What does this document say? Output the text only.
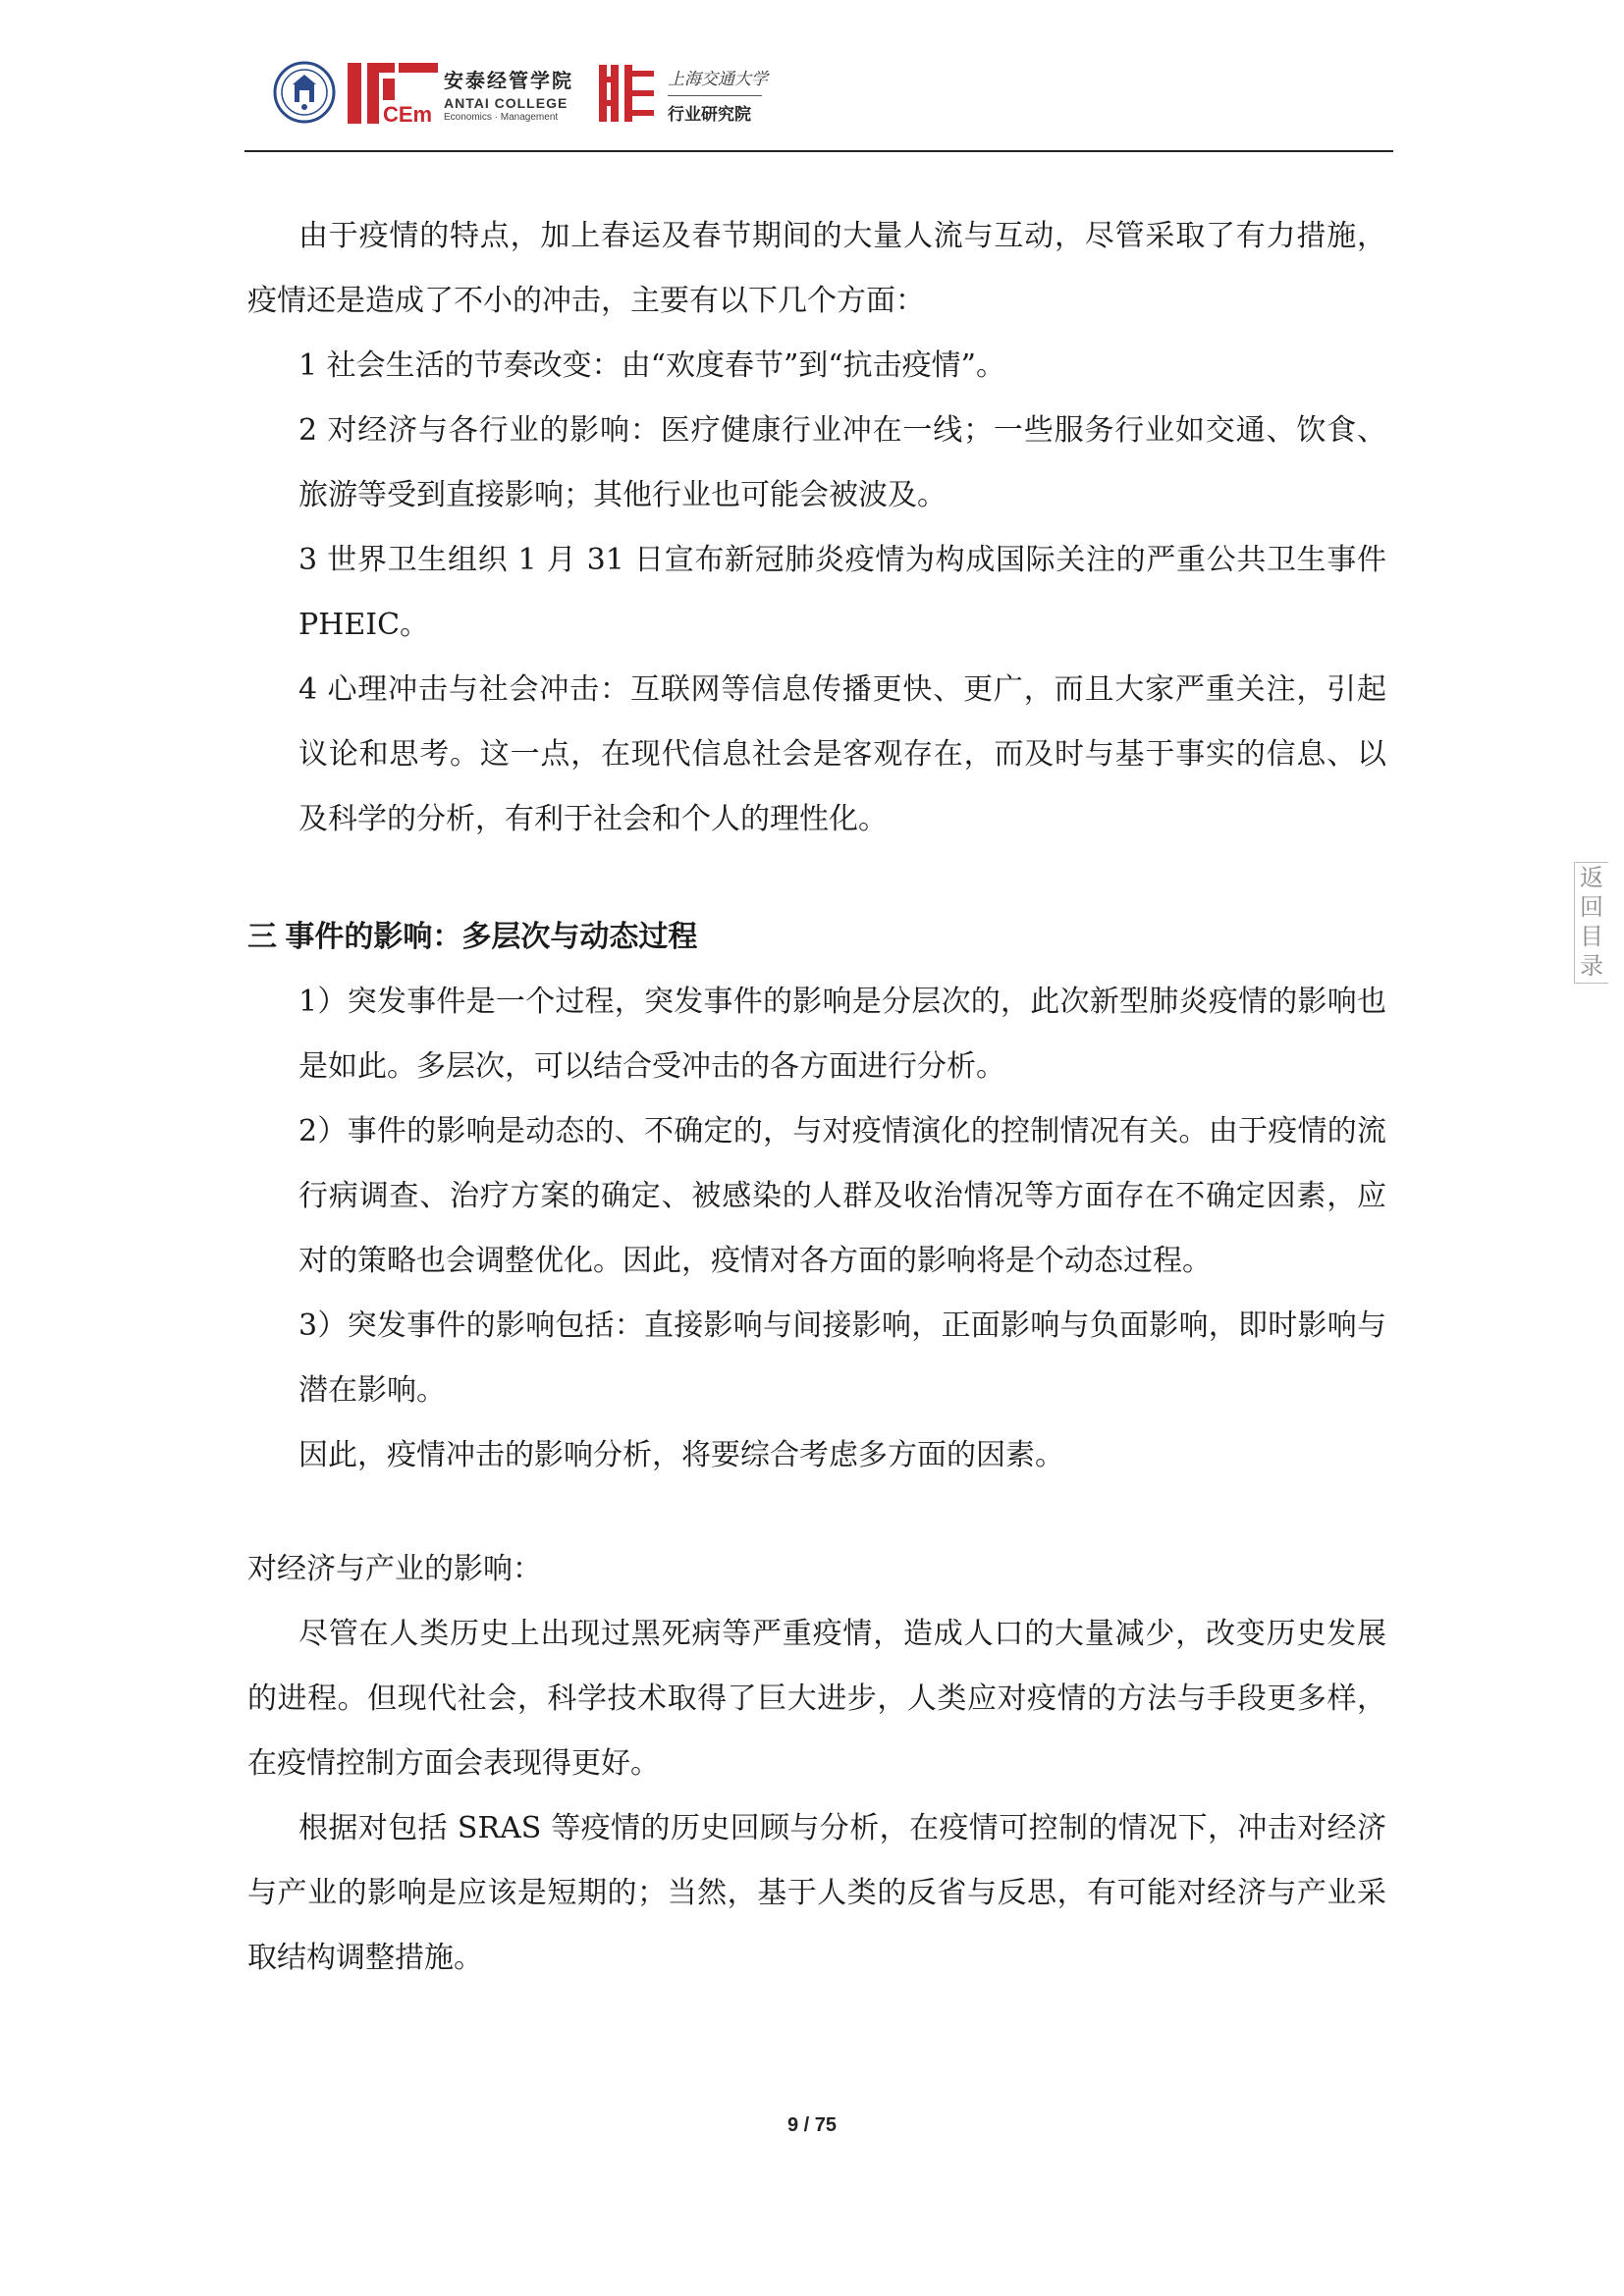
CEm
安泰经管学院
ANTAI COLLEGE
Economics · Management
上海交通大学
行业研究院

由于疫情的特点，加上春运及春节期间的大量人流与互动，尽管采取了有力措施，疫情还是造成了不小的冲击，主要有以下几个方面：

1 社会生活的节奏改变：由“欢度春节”到“抗击疫情”。

2 对经济与各行业的影响：医疗健康行业冲在一线；一些服务行业如交通、饮食、旅游等受到直接影响；其他行业也可能会被波及。

3 世界卫生组织 1 月 31 日宣布新冠肺炎疫情为构成国际关注的严重公共卫生事件 PHEIC。

4 心理冲击与社会冲击：互联网等信息传播更快、更广，而且大家严重关注，引起议论和思考。这一点，在现代信息社会是客观存在，而及时与基于事实的信息、以及科学的分析，有利于社会和个人的理性化。

三 事件的影响：多层次与动态过程

1）突发事件是一个过程，突发事件的影响是分层次的，此次新型肺炎疫情的影响也是如此。多层次，可以结合受冲击的各方面进行分析。

2）事件的影响是动态的、不确定的，与对疫情演化的控制情况有关。由于疫情的流行病调查、治疗方案的确定、被感染的人群及收治情况等方面存在不确定因素，应对的策略也会调整优化。因此，疫情对各方面的影响将是个动态过程。

3）突发事件的影响包括：直接影响与间接影响，正面影响与负面影响，即时影响与潜在影响。

因此，疫情冲击的影响分析，将要综合考虑多方面的因素。

对经济与产业的影响：

尽管在人类历史上出现过黑死病等严重疫情，造成人口的大量减少，改变历史发展的进程。但现代社会，科学技术取得了巨大进步，人类应对疫情的方法与手段更多样，在疫情控制方面会表现得更好。

根据对包括 SRAS 等疫情的历史回顾与分析，在疫情可控制的情况下，冲击对经济与产业的影响是应该是短期的；当然，基于人类的反省与反思，有可能对经济与产业采取结构调整措施。

返
回
目
录
9 / 75
